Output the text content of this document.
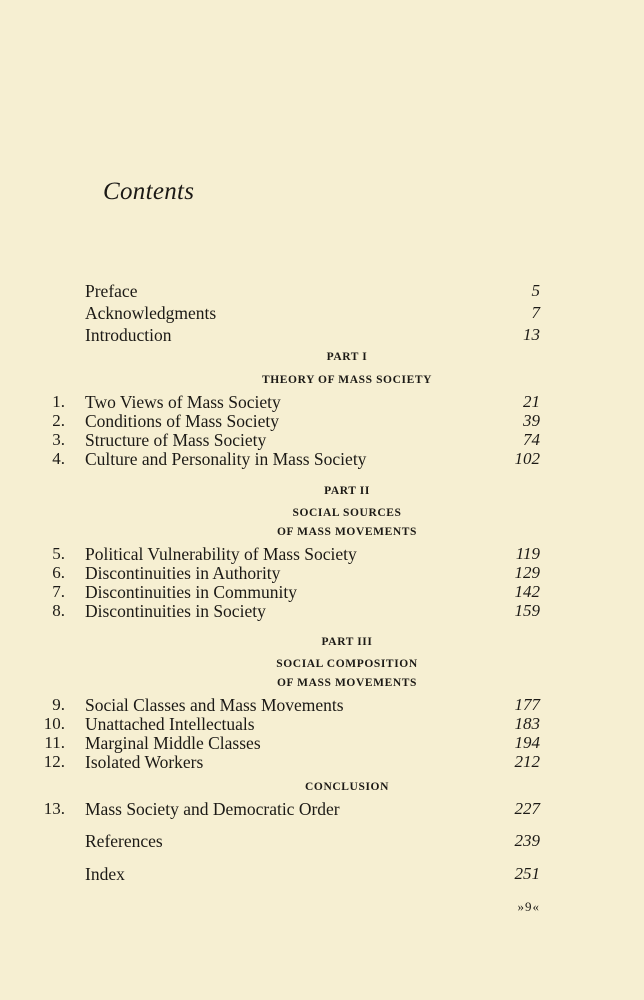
Contents
Preface	5
Acknowledgments	7
Introduction	13
PART I
THEORY OF MASS SOCIETY
1. Two Views of Mass Society	21
2. Conditions of Mass Society	39
3. Structure of Mass Society	74
4. Culture and Personality in Mass Society	102
PART II
SOCIAL SOURCES
OF MASS MOVEMENTS
5. Political Vulnerability of Mass Society	119
6. Discontinuities in Authority	129
7. Discontinuities in Community	142
8. Discontinuities in Society	159
PART III
SOCIAL COMPOSITION
OF MASS MOVEMENTS
9. Social Classes and Mass Movements	177
10. Unattached Intellectuals	183
11. Marginal Middle Classes	194
12. Isolated Workers	212
CONCLUSION
13. Mass Society and Democratic Order	227
References	239
Index	251
»9«
